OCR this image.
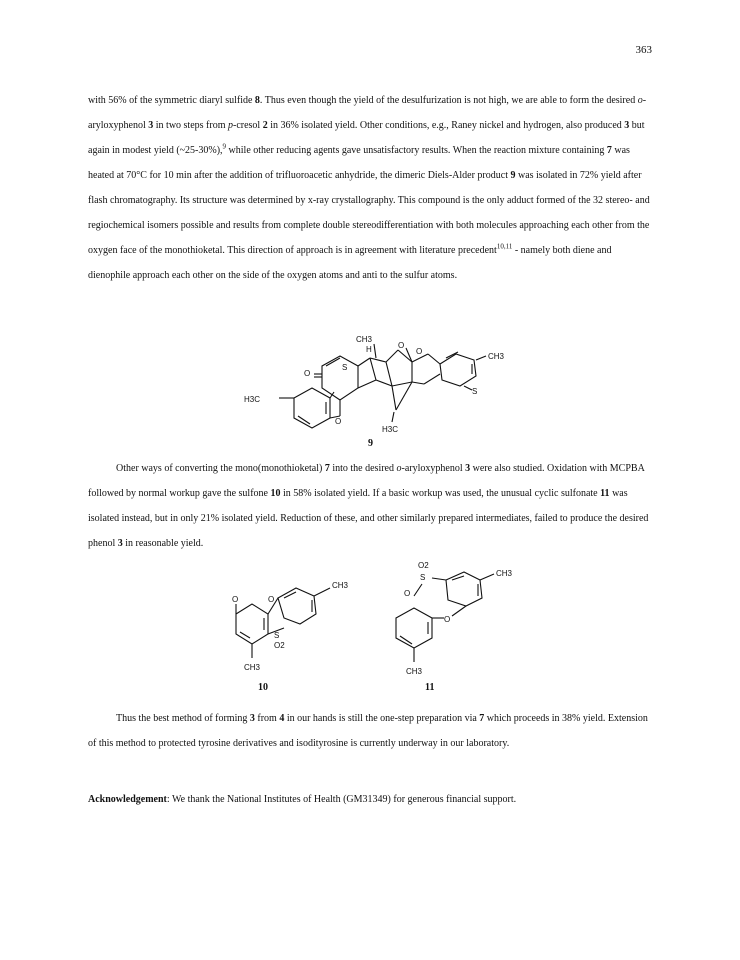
363

with 56% of the symmetric diaryl sulfide 8. Thus even though the yield of the desulfurization is not high, we are able to form the desired o-aryloxyphenol 3 in two steps from p-cresol 2 in 36% isolated yield. Other conditions, e.g., Raney nickel and hydrogen, also produced 3 but again in modest yield (~25-30%),$^9$ while other reducing agents gave unsatisfactory results. When the reaction mixture containing 7 was heated at 70°C for 10 min after the addition of trifluoroacetic anhydride, the dimeric Diels-Alder product 9 was isolated in 72% yield after flash chromatography. Its structure was determined by x-ray crystallography. This compound is the only adduct formed of the 32 stereo- and regiochemical isomers possible and results from complete double stereodifferentiation with both molecules approaching each other from the oxygen face of the monothioketal. This direction of approach is in agreement with literature precedent$^{10,11}$ - namely both diene and dienophile approach each other on the side of the oxygen atoms and anti to the sulfur atoms.

CH3
H	O
S
O
H3C
CH3
S
O
O
H3C
9

Other ways of converting the mono(monothioketal) 7 into the desired o-aryloxyphenol 3 were also studied. Oxidation with MCPBA followed by normal workup gave the sulfone 10 in 58% isolated yield. If a basic workup was used, the unusual cyclic sulfonate 11 was isolated instead, but in only 21% isolated yield. Reduction of these, and other similarly prepared intermediates, failed to produce the desired phenol 3 in reasonable yield.

O	O
CH3
S
O2
CH3
10
O2
S	CH3
O
O
CH3
11

Thus the best method of forming 3 from 4 in our hands is still the one-step preparation via 7 which proceeds in 38% yield. Extension of this method to protected tyrosine derivatives and isodityrosine is currently underway in our laboratory.

Acknowledgement: We thank the National Institutes of Health (GM31349) for generous financial support.
